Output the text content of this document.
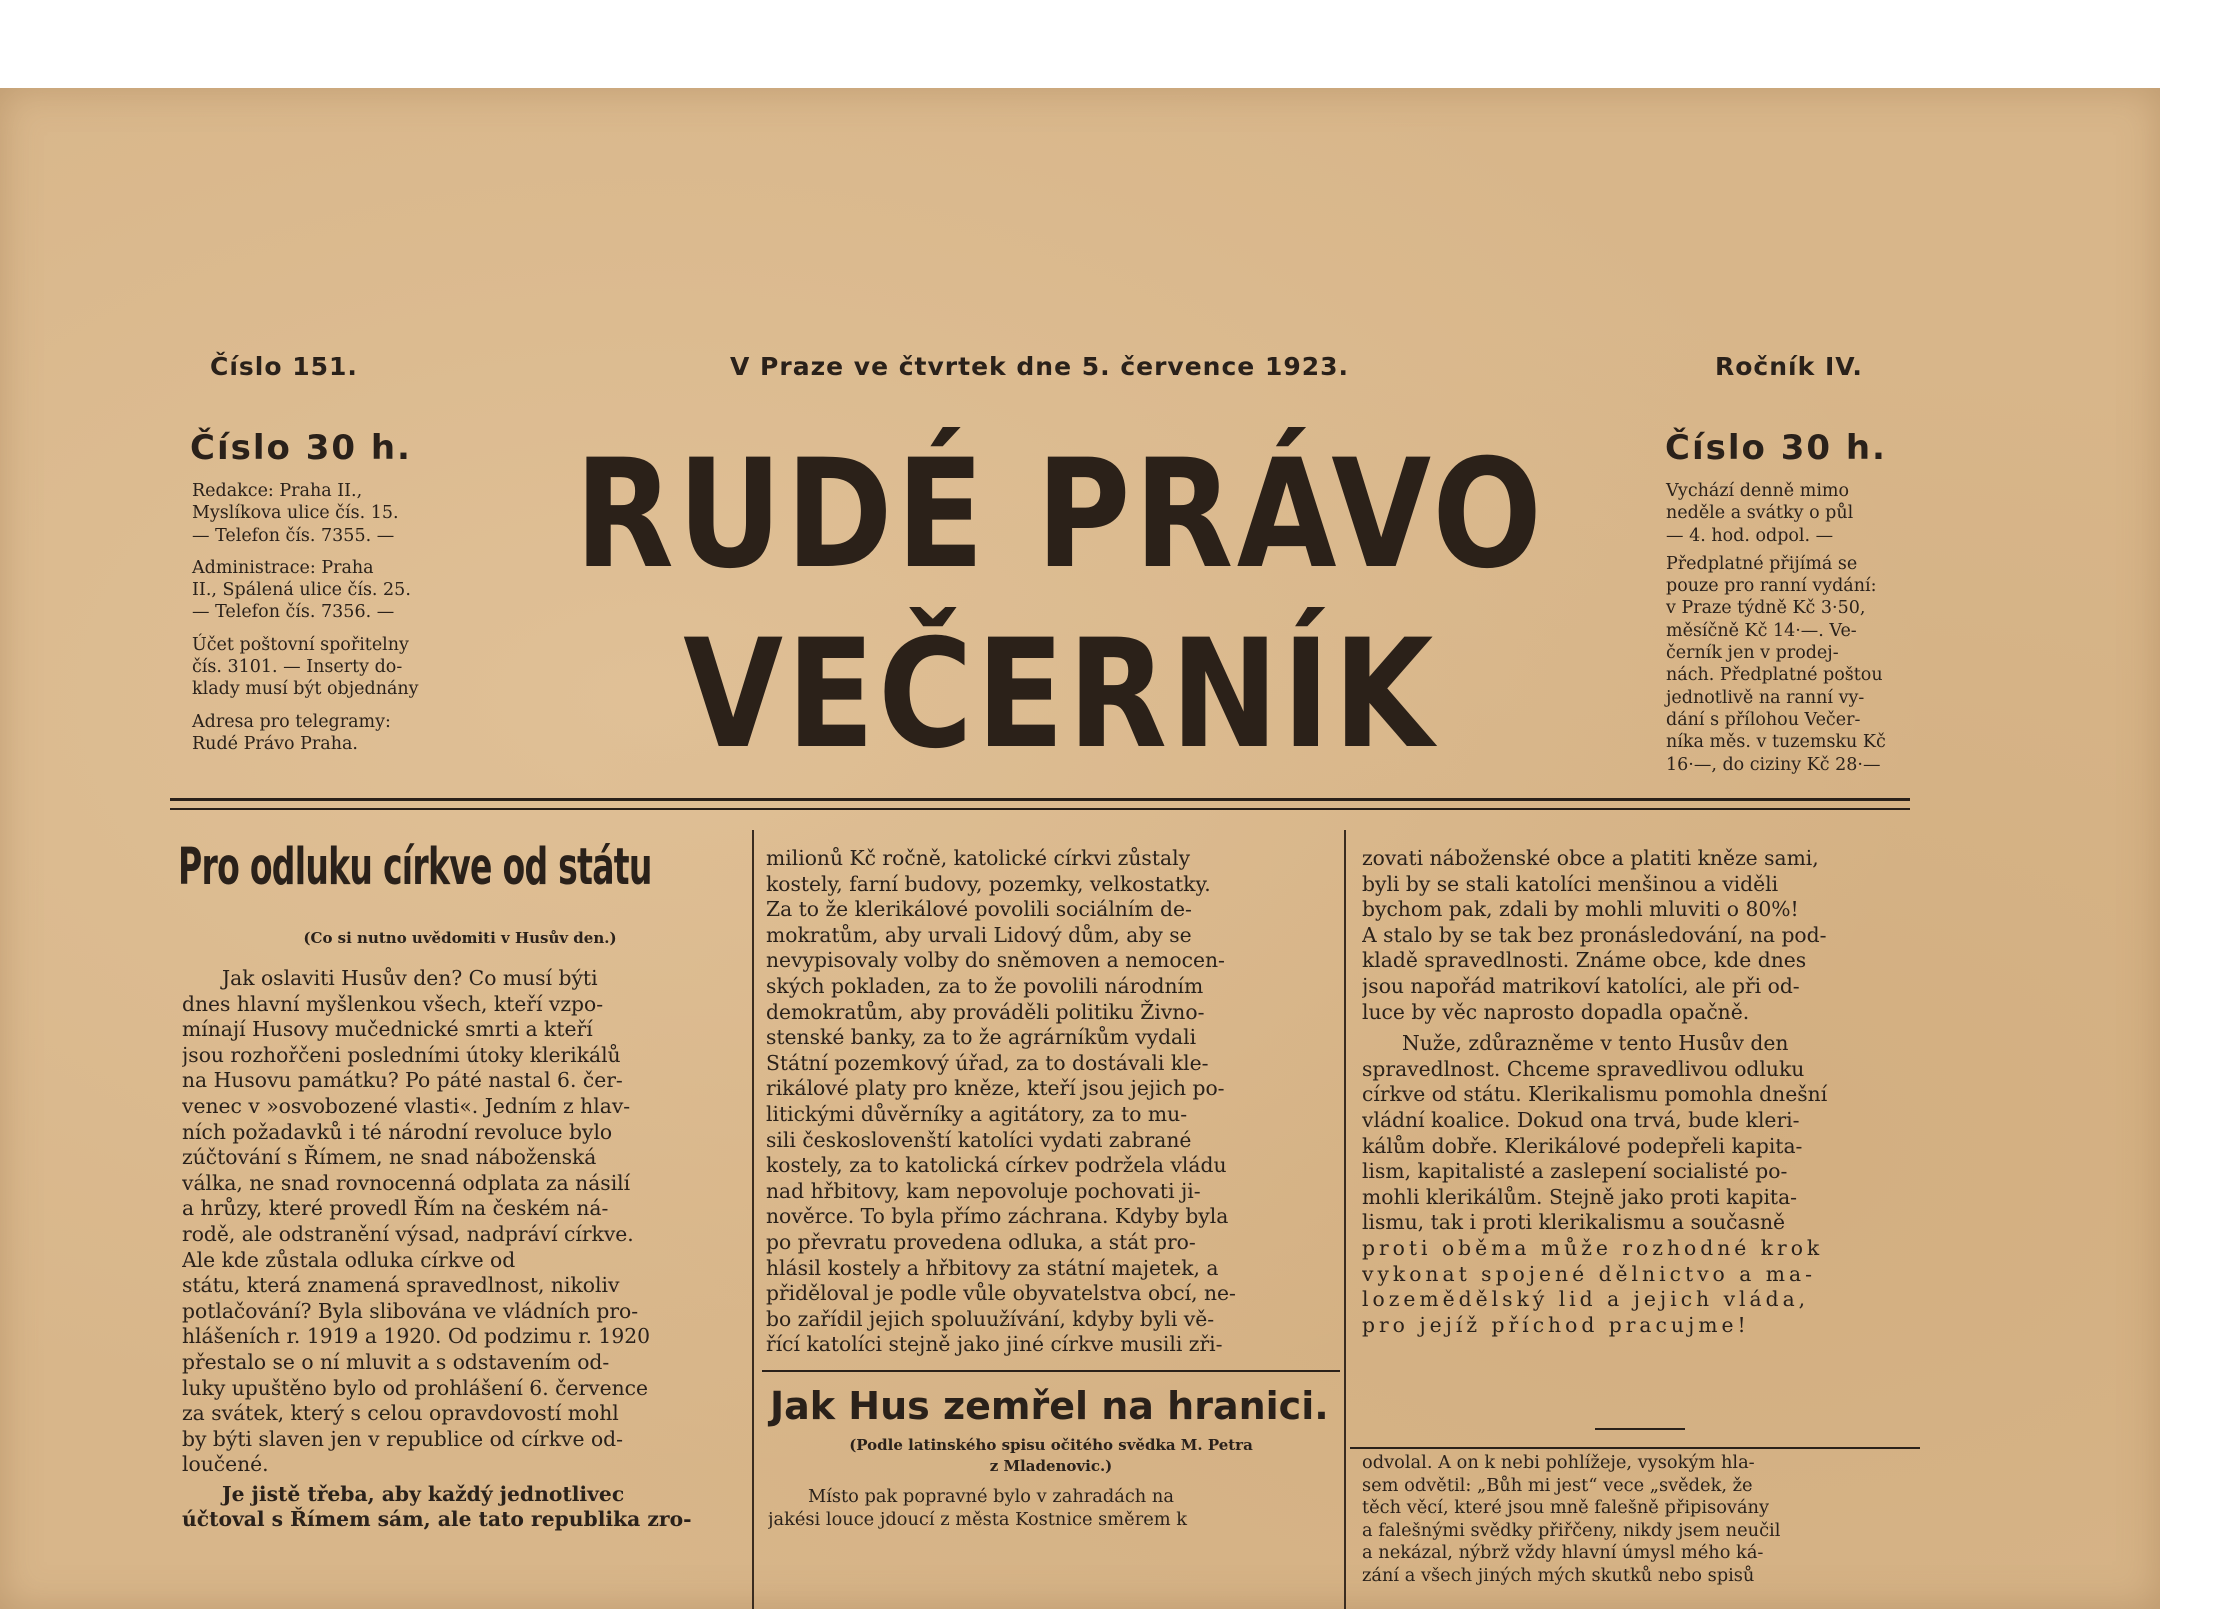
Číslo 151.	V Praze ve čtvrtek dne 5. července 1923.	Ročník IV.
Číslo 30 h.

Redakce: Praha II.,

Myslíkova ulice čís. 15.

— Telefon čís. 7355. —

Administrace: Praha

II., Spálená ulice čís. 25.

— Telefon čís. 7356. —

Účet poštovní spořitelny

čís. 3101. — Inserty do-

klady musí být objednány

Adresa pro telegramy:

Rudé Právo Praha.

RUDÉ PRÁVO
VEČERNÍK
Číslo 30 h.

Vychází denně mimo

neděle a svátky o půl

— 4. hod. odpol. —

Předplatné přijímá se

pouze pro ranní vydání:

v Praze týdně Kč 3·50,

měsíčně Kč 14·—. Ve-

černík jen v prodej-

nách. Předplatné poštou

jednotlivě na ranní vy-

dání s přílohou Večer-

níka měs. v tuzemsku Kč

16·—, do ciziny Kč 28·—

Pro odluku církve od státu
(Co si nutno uvědomiti v Husův den.)
Jak oslaviti Husův den? Co musí býti
dnes hlavní myšlenkou všech, kteří vzpo-
mínají Husovy mučednické smrti a kteří
jsou rozhořčeni posledními útoky klerikálů
na Husovu památku? Po páté nastal 6. čer-
venec v »osvobozené vlasti«. Jedním z hlav-
ních požadavků i té národní revoluce bylo
zúčtování s Římem, ne snad náboženská
válka, ne snad rovnocenná odplata za násilí
a hrůzy, které provedl Řím na českém ná-
rodě, ale odstranění výsad, nadpráví církve.
Ale kde zůstala odluka církve od
státu, která znamená spravedlnost, nikoliv
potlačování? Byla slibována ve vládních pro-
hlášeních r. 1919 a 1920. Od podzimu r. 1920
přestalo se o ní mluvit a s odstavením od-
luky upuštěno bylo od prohlášení 6. července
za svátek, který s celou opravdovostí mohl
by býti slaven jen v republice od církve od-
loučené.
Je jistě třeba, aby každý jednotlivec
účtoval s Římem sám, ale tato republika zro-
milionů Kč ročně, katolické církvi zůstaly
kostely, farní budovy, pozemky, velkostatky.
Za to že klerikálové povolili sociálním de-
mokratům, aby urvali Lidový dům, aby se
nevypisovaly volby do sněmoven a nemocen-
ských pokladen, za to že povolili národním
demokratům, aby prováděli politiku Živno-
stenské banky, za to že agrárníkům vydali
Státní pozemkový úřad, za to dostávali kle-
rikálové platy pro kněze, kteří jsou jejich po-
litickými důvěrníky a agitátory, za to mu-
sili českoslovenští katolíci vydati zabrané
kostely, za to katolická církev podržela vládu
nad hřbitovy, kam nepovoluje pochovati ji-
nověrce. To byla přímo záchrana. Kdyby byla
po převratu provedena odluka, a stát pro-
hlásil kostely a hřbitovy za státní majetek, a
přiděloval je podle vůle obyvatelstva obcí, ne-
bo zařídil jejich spoluužívání, kdyby byli vě-
řící katolíci stejně jako jiné církve musili zři-
Jak Hus zemřel na hranici.
(Podle latinského spisu očitého svědka M. Petra
z Mladenovic.)
Místo pak popravné bylo v zahradách na
jakési louce jdoucí z města Kostnice směrem k
zovati náboženské obce a platiti kněze sami,
byli by se stali katolíci menšinou a viděli
bychom pak, zdali by mohli mluviti o 80%!
A stalo by se tak bez pronásledování, na pod-
kladě spravedlnosti. Známe obce, kde dnes
jsou napořád matrikoví katolíci, ale při od-
luce by věc naprosto dopadla opačně.
Nuže, zdůrazněme v tento Husův den
spravedlnost. Chceme spravedlivou odluku
církve od státu. Klerikalismu pomohla dnešní
vládní koalice. Dokud ona trvá, bude kleri-
kálům dobře. Klerikálové podepřeli kapita-
lism, kapitalisté a zaslepení socialisté po-
mohli klerikálům. Stejně jako proti kapita-
lismu, tak i proti klerikalismu a současně
proti oběma může rozhodné krok
vykonat spojené dělnictvo a ma-
lozemědělský lid a jejich vláda,
pro jejíž příchod pracujme!
odvolal. A on k nebi pohlížeje, vysokým hla-
sem odvětil: „Bůh mi jest“ vece „svědek, že
těch věcí, které jsou mně falešně připisovány
a falešnými svědky přiřčeny, nikdy jsem neučil
a nekázal, nýbrž vždy hlavní úmysl mého ká-
zání a všech jiných mých skutků nebo spisů
